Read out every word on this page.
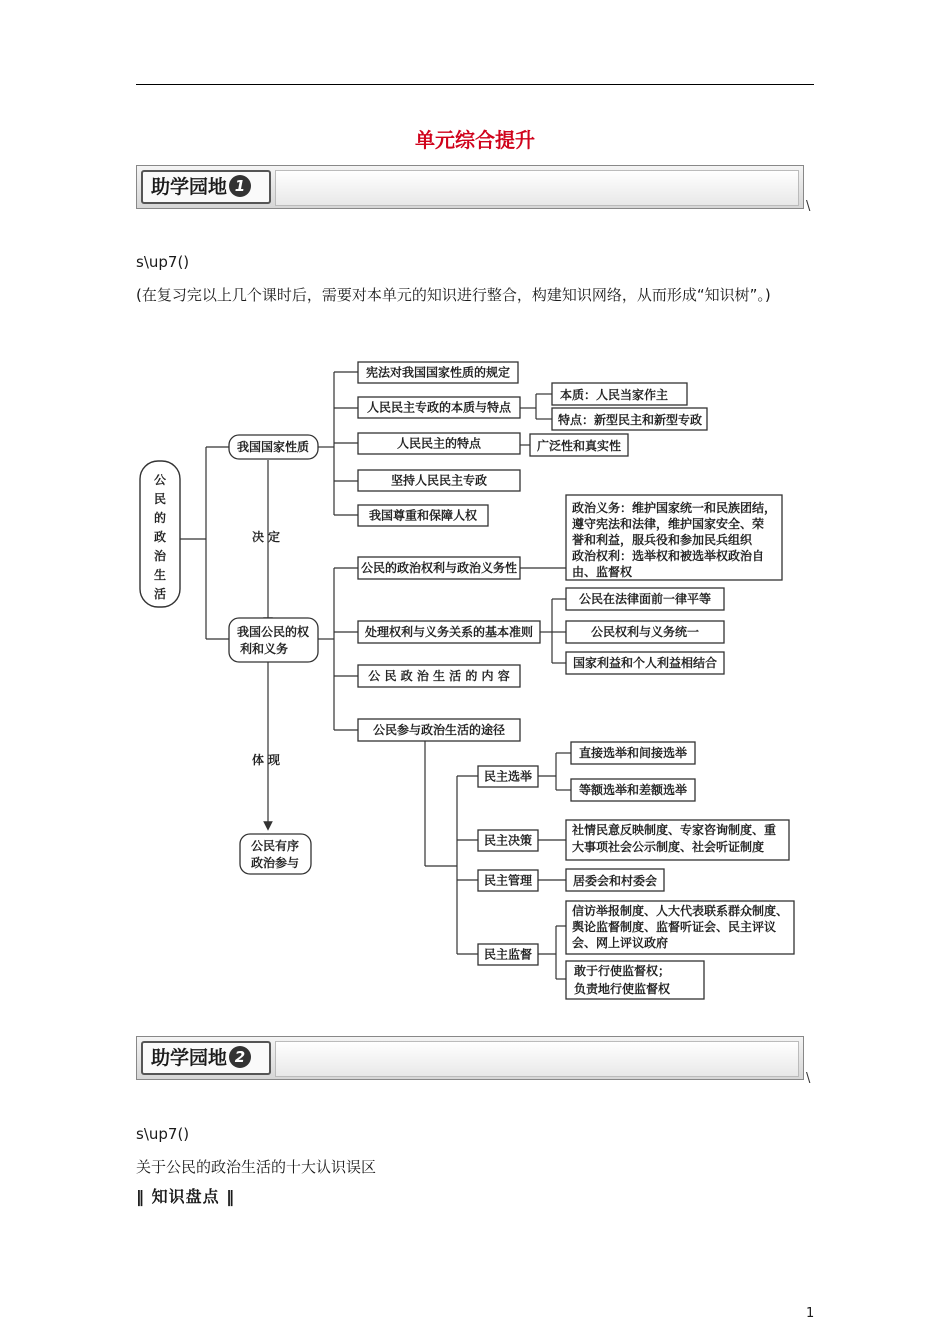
单元综合提升
助学园地 1
\
s\up7()
(在复习完以上几个课时后，需要对本单元的知识进行整合，构建知识网络，从而形成“知识树”。)
公民的政治生活
我国国家性质
我国公民的权
利和义务
公民有序
政治参与
决定
体现
宪法对我国国家性质的规定
人民民主专政的本质与特点
人民民主的特点
坚持人民民主专政
我国尊重和保障人权
本质：人民当家作主
特点：新型民主和新型专政
广泛性和真实性
公民的政治权利与政治义务性
处理权利与义务关系的基本准则
公 民 政 治 生 活 的 内 容
公民参与政治生活的途径
政治义务：维护国家统一和民族团结，
遵守宪法和法律，维护国家安全、荣
誉和利益，服兵役和参加民兵组织
政治权利：选举权和被选举权政治自
由、监督权
公民在法律面前一律平等
公民权利与义务统一
国家利益和个人利益相结合
民主选举
民主决策
民主管理
民主监督
直接选举和间接选举
等额选举和差额选举
社情民意反映制度、专家咨询制度、重
大事项社会公示制度、社会听证制度
居委会和村委会
信访举报制度、人大代表联系群众制度、
舆论监督制度、监督听证会、民主评议
会、网上评议政府
敢于行使监督权；
负责地行使监督权
助学园地 2
\
s\up7()
关于公民的政治生活的十大认识误区
‖ 知识盘点 ‖
1
